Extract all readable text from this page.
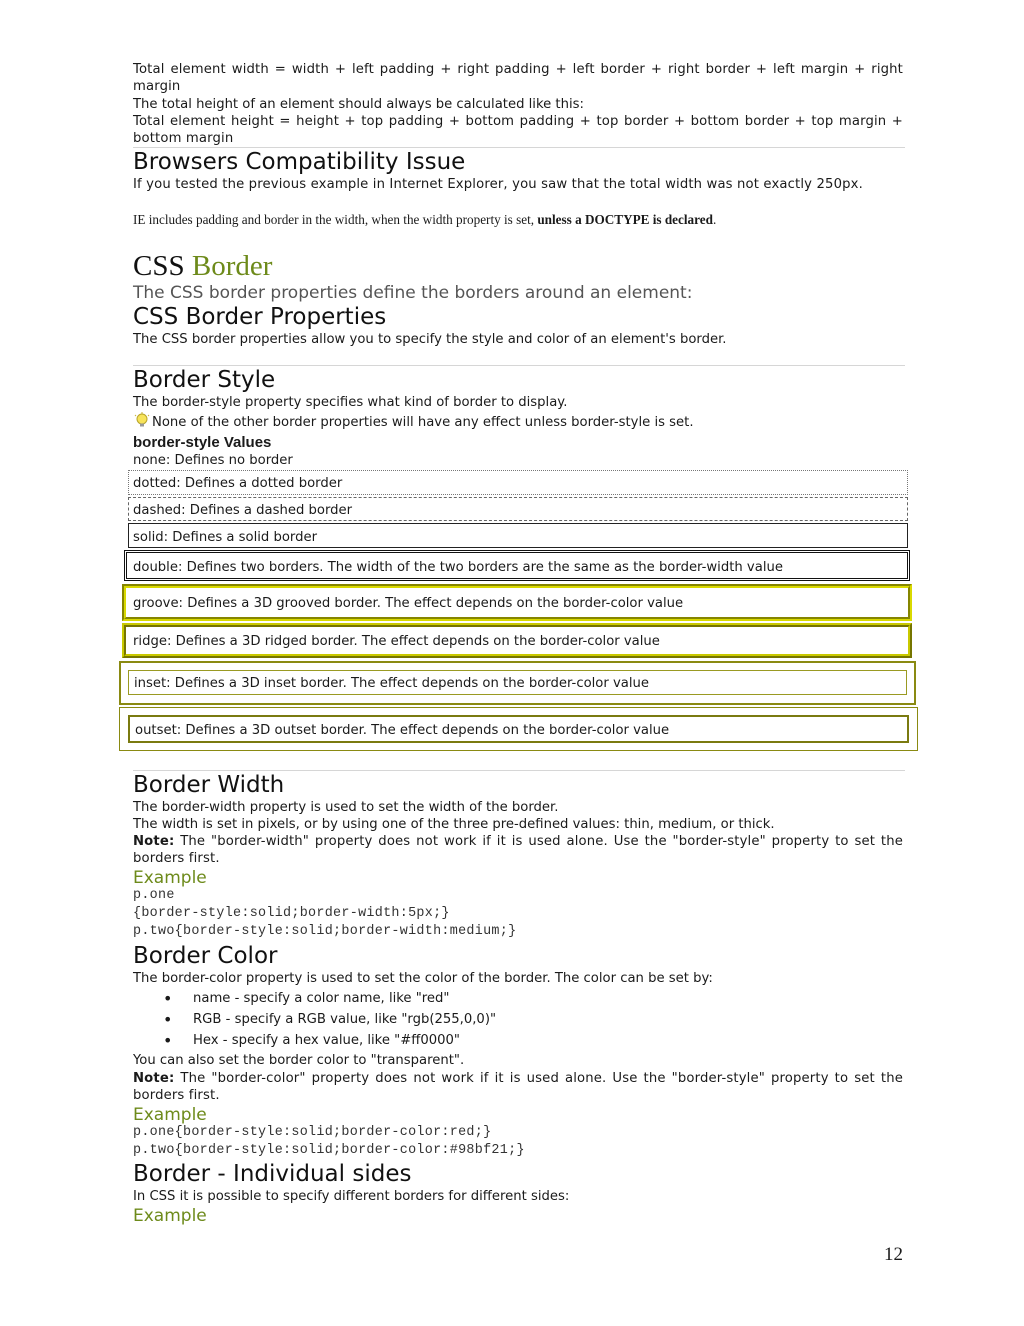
Total element width = width + left padding + right padding + left border + right border + left margin + right margin

The total height of an element should always be calculated like this:

Total element height = height + top padding + bottom padding + top border + bottom border + top margin + bottom margin

Browsers Compatibility Issue

If you tested the previous example in Internet Explorer, you saw that the total width was not exactly 250px.

IE includes padding and border in the width, when the width property is set, unless a DOCTYPE is declared.

CSS Border

The CSS border properties define the borders around an element:

CSS Border Properties

The CSS border properties allow you to specify the style and color of an element's border.

Border Style

The border-style property specifies what kind of border to display.

None of the other border properties will have any effect unless border-style is set.

border-style Values

none: Defines no border

dotted: Defines a dotted border
dashed: Defines a dashed border
solid: Defines a solid border
double: Defines two borders. The width of the two borders are the same as the border-width value
groove: Defines a 3D grooved border. The effect depends on the border-color value
ridge: Defines a 3D ridged border. The effect depends on the border-color value
inset: Defines a 3D inset border. The effect depends on the border-color value
outset: Defines a 3D outset border. The effect depends on the border-color value
Border Width

The border-width property is used to set the width of the border.

The width is set in pixels, or by using one of the three pre-defined values: thin, medium, or thick.

Note: The "border-width" property does not work if it is used alone. Use the "border-style" property to set the borders first.

Example

p.one

{border-style:solid;border-width:5px;}

p.two{border-style:solid;border-width:medium;}

Border Color

The border-color property is used to set the color of the border. The color can be set by:

• name - specify a color name, like "red"
• RGB - specify a RGB value, like "rgb(255,0,0)"
• Hex - specify a hex value, like "#ff0000"

You can also set the border color to "transparent".

Note: The "border-color" property does not work if it is used alone. Use the "border-style" property to set the borders first.

Example

p.one{border-style:solid;border-color:red;}

p.two{border-style:solid;border-color:#98bf21;}

Border - Individual sides

In CSS it is possible to specify different borders for different sides:

Example

12
